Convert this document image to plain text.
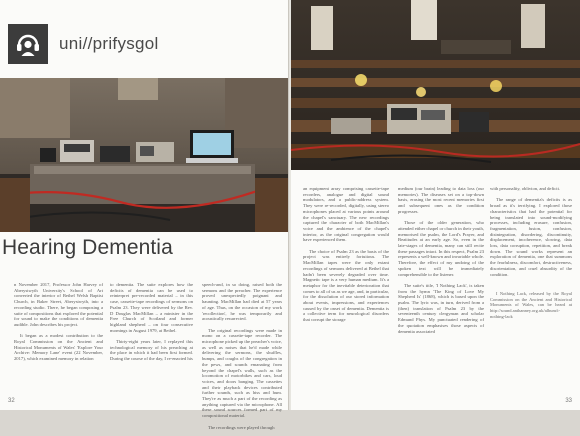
uni//prifysgol
Hearing Dementia

n November 2017, Professor John Harvey of Aberystwyth University's School of Art converted the interior of Bethel Welsh Baptist Church, in Baker Street, Aberystwyth, into a recording studio. There, he began composing a suite of compositions that explored the potential for sound to make the conditions of dementia audible. John describes his project.

It began as a modest contribution to the Royal Commission on the Ancient and Historical Monuments of Wales' 'Explore Your Archive: Memory Lane' event (22 November, 2017), which examined memory in relation

to dementia. The suite explores how the deficits of dementia can be used to reinterpret pre-recorded material – in this case, cassette-tape recordings of sermons on Psalm 23. They were delivered by the Rev. D Douglas MacMillan – a minister in the Free Church of Scotland and former highland shepherd – on four consecutive mornings in August 1979, at Bethel.

Thirty-eight years later, I replayed this technological memory of his preaching at the place in which it had been first formed. During the course of the day, I re-enacted his

speech-and, in so doing, raised both the sermons and the preacher. The experience proved unexpectedly poignant and haunting. MacMillan had died at 57 years of age. Thus, on the occasion of my work 'recollection', he was temporarily and acoustically resurrected.

The original recordings were made in mono on a cassette-tape recorder. The microphone picked up the preacher's voice, as well as noises that he'd made while delivering the sermons, the shuffles, bumps, and coughs of the congregation in the pews, and sounds emanating from beyond the chapel's walls, such as the locomotion of motorbikes and cars, loud voices, and doors banging. The cassettes and their playback devices contributed further sounds, such as hiss and hum. They're as much a part of the recording as anything captured via the microphone. All these sound sources formed part of my compositional material.

The recordings were played through

32

an equipment array comprising cassette-tape recorders, analogue and digital sound modulators, and a public-address system. They were re-recorded, digitally, using stereo microphones placed at various points around the chapel's sanctuary. The new recordings captured the character of both MacMillan's voice and the ambience of the chapel's interior, as the original congregation would have experienced them.

The choice of Psalm 23 as the basis of the project was entirely fortuitous. The MacMillan tapes were the only extant recordings of sermons delivered at Bethel that hadn't been severely degraded over time. Magnetic tape is a very human medium. It's a metaphor for the inevitable deterioration that comes to all of us as we age, and, in particular, for the dissolution of our stored information about events, impressions, and experiences caused by the onset of dementia. Dementia is a collective term for neurological disorders that corrupt the storage

medium (our brain) leading to data loss (our memories). The diseases set on a top-down basis, erasing the most recent memories first and subsequent ones as the condition progresses.

Those of the older generation, who attended either chapel or church in their youth, memorised the psalm, the Lord's Prayer, and Beatitudes at an early age. So, even in the late-stages of dementia, many can still recite these passages intact. In this respect, Psalm 23 represents a well-known and invariable whole. Therefore, the effect of my undoing of the spoken text will be immediately comprehensible to the listener.

The suite's title, 'I Nothing Lack', is taken from the hymn 'The King of Love My Shepherd Is' (1868), which is based upon the psalm. The lyric was, in turn, derived from a (then) translation of Psalm 23 by the seventeenth century clergyman and scholar Edmund Phys. My punctuated rendering of the quotation emphasises those aspects of dementia associated

with personality, oblivion, and deficit.

The range of dementia's deficits is as broad as it's terrifying. I explored those characteristics that had the potential for being translated into sound-modifying processes, including erasure, confusion, fragmentation, fusion, confusion, disintegration, disordering, discontinuity, displacement, incoherence, slowing, data loss, data corruption, repetition, and break down. The sound works represent an exploration of dementia, one that summons the fearfulness, discomfort, destructiveness, disorientation, and cruel absurdity of the condition.

I Nothing Lack, released by the Royal Commission on the Ancient and Historical Monuments of Wales, can be heard at http://sound.anthanney.org.uk/album/i-nothing-lack

33
